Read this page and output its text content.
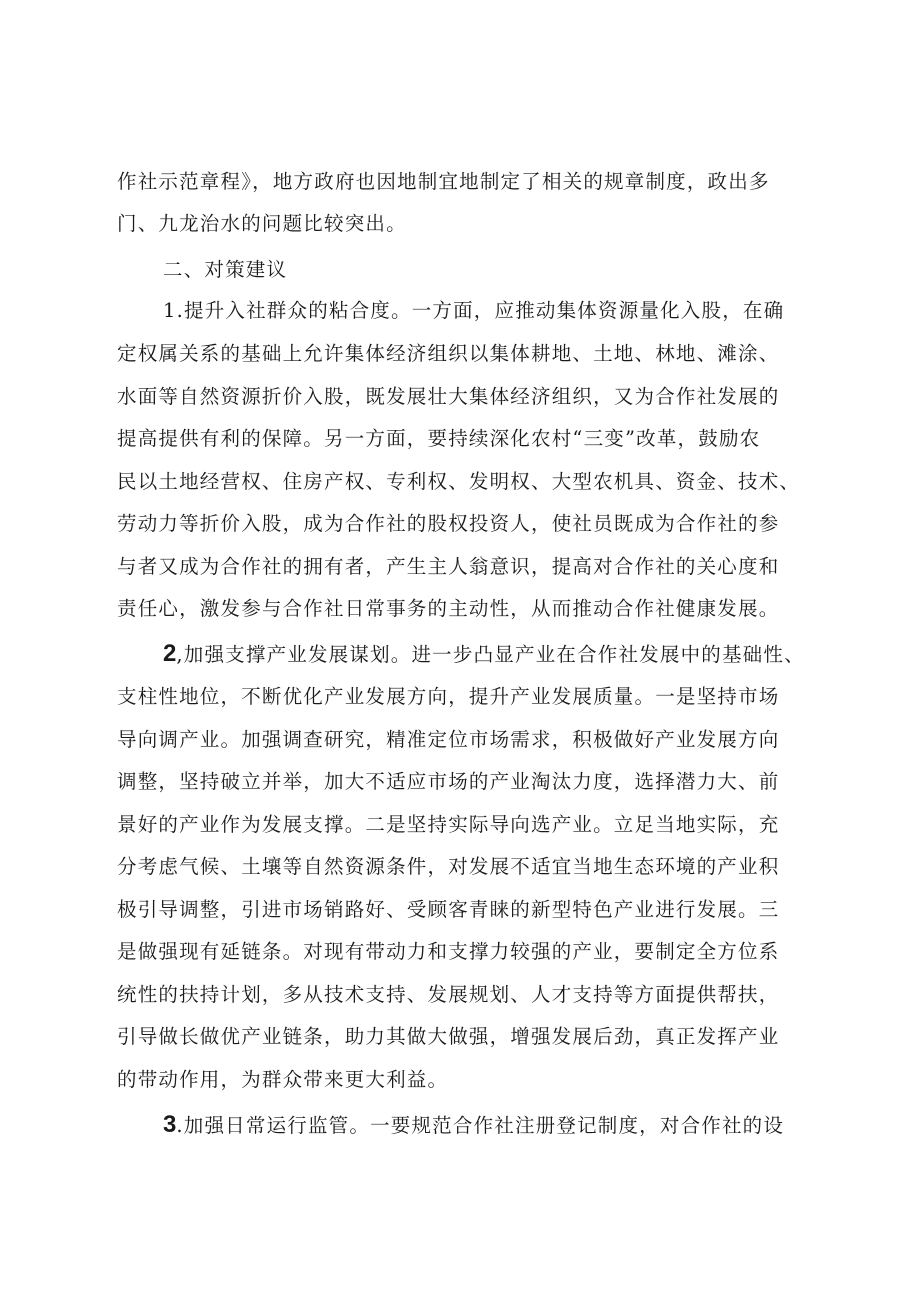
作社示范章程》，地方政府也因地制宜地制定了相关的规章制度，政出多
门、九龙治水的问题比较突出。
二、对策建议
1.提升入社群众的粘合度。一方面，应推动集体资源量化入股，在确
定权属关系的基础上允许集体经济组织以集体耕地、土地、林地、滩涂、
水面等自然资源折价入股，既发展壮大集体经济组织，又为合作社发展的
提高提供有利的保障。另一方面，要持续深化农村“三变”改革，鼓励农
民以土地经营权、住房产权、专利权、发明权、大型农机具、资金、技术、
劳动力等折价入股，成为合作社的股权投资人，使社员既成为合作社的参
与者又成为合作社的拥有者，产生主人翁意识，提高对合作社的关心度和
责任心，激发参与合作社日常事务的主动性，从而推动合作社健康发展。
2,加强支撑产业发展谋划。进一步凸显产业在合作社发展中的基础性、
支柱性地位，不断优化产业发展方向，提升产业发展质量。一是坚持市场
导向调产业。加强调查研究，精准定位市场需求，积极做好产业发展方向
调整，坚持破立并举，加大不适应市场的产业淘汰力度，选择潜力大、前
景好的产业作为发展支撑。二是坚持实际导向选产业。立足当地实际，充
分考虑气候、土壤等自然资源条件，对发展不适宜当地生态环境的产业积
极引导调整，引进市场销路好、受顾客青睐的新型特色产业进行发展。三
是做强现有延链条。对现有带动力和支撑力较强的产业，要制定全方位系
统性的扶持计划，多从技术支持、发展规划、人才支持等方面提供帮扶，
引导做长做优产业链条，助力其做大做强，增强发展后劲，真正发挥产业
的带动作用，为群众带来更大利益。
3.加强日常运行监管。一要规范合作社注册登记制度，对合作社的设
